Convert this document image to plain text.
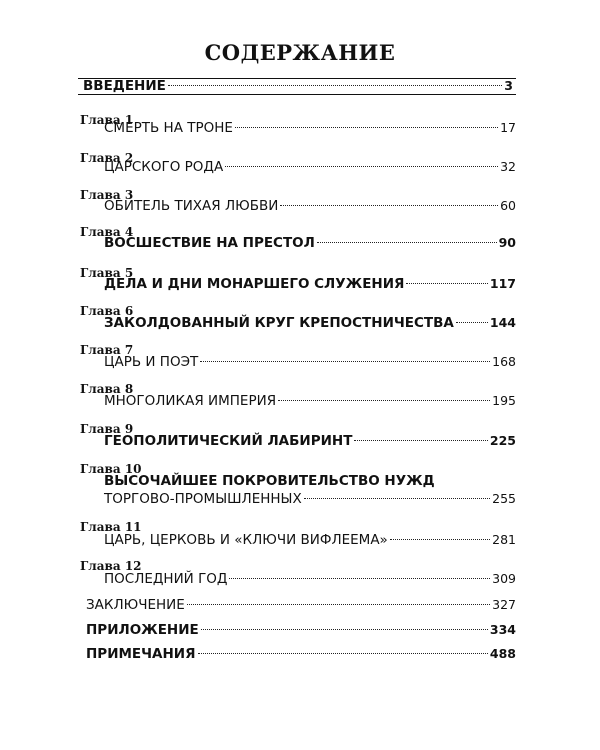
СОДЕРЖАНИЕ
ВВЕДЕНИЕ	3
Глава 1
СМЕРТЬ НА ТРОНЕ	17
Глава 2
ЦАРСКОГО РОДА	32
Глава 3
ОБИТЕЛЬ ТИХАЯ ЛЮБВИ	60
Глава 4
ВОСШЕСТВИЕ НА ПРЕСТОЛ	90
Глава 5
ДЕЛА И ДНИ МОНАРШЕГО СЛУЖЕНИЯ	117
Глава 6
ЗАКОЛДОВАННЫЙ КРУГ КРЕПОСТНИЧЕСТВА	144
Глава 7
ЦАРЬ И ПОЭТ	168
Глава 8
МНОГОЛИКАЯ ИМПЕРИЯ	195
Глава 9
ГЕОПОЛИТИЧЕСКИЙ ЛАБИРИНТ	225
Глава 10
ВЫСОЧАЙШЕЕ ПОКРОВИТЕЛЬСТВО НУЖД
ТОРГОВО-ПРОМЫШЛЕННЫХ	255
Глава 11
ЦАРЬ, ЦЕРКОВЬ И «КЛЮЧИ ВИФЛЕЕМА»	281
Глава 12
ПОСЛЕДНИЙ ГОД	309
ЗАКЛЮЧЕНИЕ	327
ПРИЛОЖЕНИЕ	334
ПРИМЕЧАНИЯ	488
